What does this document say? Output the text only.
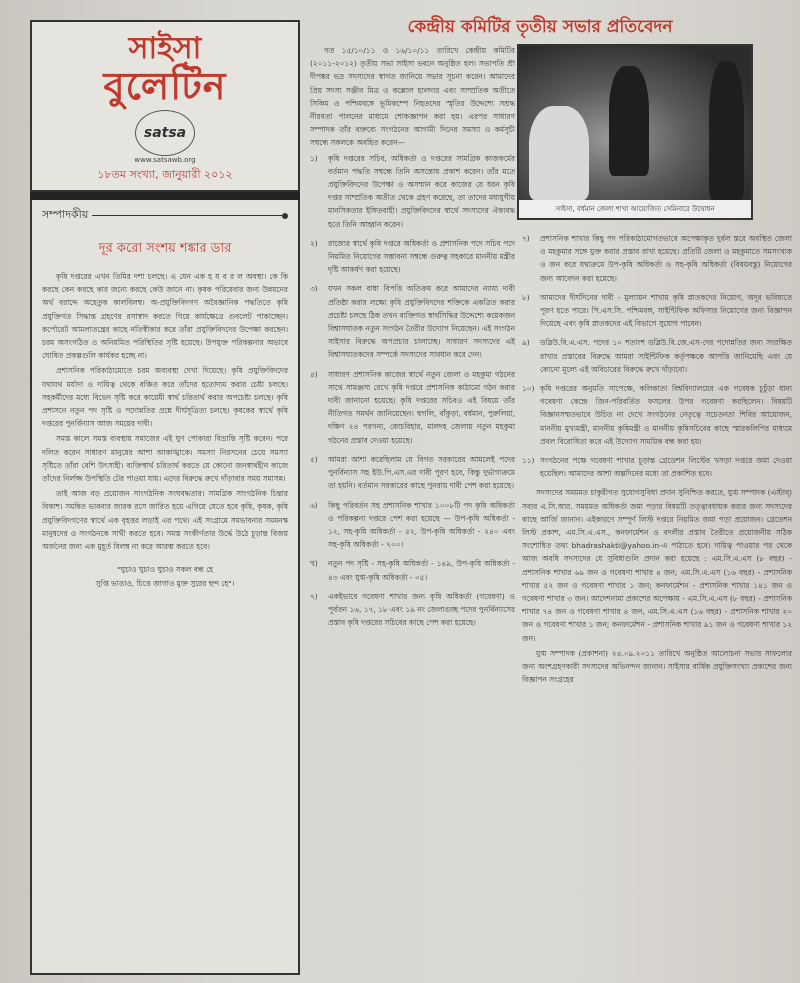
সাইসা
বুলেটিন
satsa
www.satsawb.org
১৮তম সংখ্যা, জানুয়ারী ২০১২
সম্পাদকীয়
দূর করো সংশয় শঙ্কার ডার

কৃষি দপ্তরের এখন তিমির দশা চলছে। এ যেন এক হ য ব র ল অবস্থা। কে কি করছে কেন করছে কার জন্যে করছে কেউ জানে না। কৃষক পরিষেবার জন্য উন্নয়নের অর্থ বরাদ্দে অহেতুক কালবিলম্ব। অ-প্রযুক্তিবিদগণ অবৈজ্ঞানিক পদ্ধতিতে কৃষি প্রযুক্তিগত সিদ্ধান্ত গ্রহণের রসাস্বাদ করতে গিয়ে কার্যক্ষেত্রে গুবলেট পাকাচ্ছেন। কর্পোরেট আমলাতন্ত্রের কাছে নতিস্বীকার করে তাঁরা প্রযুক্তিবিদদের উপেক্ষা করছেন। চরম অসংগঠিত ও অনিয়মিত পরিস্থিতির সৃষ্টি হয়েছে। উপযুক্ত পরিকল্পনার অভাবে ঘোষিত প্রকল্পগুলি কার্যকর হচ্ছে না।

প্রশাসনিক পরিকাঠামোতে চরম অব্যবস্থা দেখা দিয়েছে। কৃষি প্রযুক্তিবিদদের যথাযথ মর্যাদা ও দায়িত্ব থেকে বঞ্চিত করে তাঁদের হতোদ্যম করার চেষ্টা চলছে। সহকর্মীদের মধ্যে বিভেদ সৃষ্টি করে কায়েমী স্বার্থ চরিতার্থ করার অপচেষ্টা চলছে। কৃষি প্রশাসনে নতুন পদ সৃষ্টি ও পদোন্নতির প্রশ্নে দীর্ঘসূত্রিতা চলছে। কৃষকের স্বার্থে কৃষি দপ্তরের পুনর্বিন্যাস আজ সময়ের দাবী।

সমস্ত কালে সমস্ত ব্যবস্থায় সমাজের এই ঘুণ পোকারা বিভ্রান্তি সৃষ্টি করেন। পরে দলিত করেন সাধারণ মানুষের আশা আকাঙ্খাকে। সমস্যা নিরসনের চেয়ে সমস্যা সৃষ্টিতে তাঁরা বেশি উৎসাহী। ব্যক্তিস্বার্থ চরিতার্থ করতে যে কোনো জনস্বার্থহীন কাজে তাঁদের নির্লজ্জ উপস্থিতি টের পাওয়া যায়। এদের বিরুদ্ধে রুখে দাঁড়াবার সময় সমাসন্ন।

তাই আজ বড় প্রয়োজন সাংগঠনিক সংঘবদ্ধতার। সামগ্রিক সাংগঠনিক চিন্তার বিকাশ। সমন্বিত ভাবনার জারক রসে জারিত হয়ে এগিয়ে যেতে হবে কৃষি, কৃষক, কৃষি প্রযুক্তিবিদগণের স্বার্থে এক বৃহত্তর লড়াই এর পথে। এই সংগ্রামে সমভাবনার সমমনস্ক মানুষদের ও সংগঠনকে সাথী করতে হবে। সমস্ত সংকীর্ণতার উর্দ্ধে উঠে চূড়ান্ত বিজয় অর্জনের জন্য এক মুহূর্ত বিলম্ব না করে আরম্ভ করতে হবে।

"ঘুচাও ঘুচাও ঘুচাও সকল বন্ধ হে
সুপ্তি ভাঙাও, চিত্তে জাগাও মুক্ত সুরের ছন্দ হে"।
কেন্দ্রীয় কমিটির তৃতীয় সভার প্রতিবেদন

গত ১৫/১০/১১ ও ১৬/১০/১১ তারিখে কেন্দ্রীয় কমিটির (২০১১-২০১২) তৃতীয় সভা সাইসা ভবনে অনুষ্ঠিত হল। সভাপতি শ্রী দীপঙ্কর ভদ্র সদস্যদের স্বাগত জানিয়ে সভার সূচনা করেন। আমাদের প্রিয় সদস্য সঞ্জীব মিত্র ও কল্লোল হালদার এবং সাম্প্রতিক অতীতে সিকিম ও পশ্চিমবঙ্গে ভূমিকম্পে নিহতদের স্মৃতির উদ্দেশ্যে সশ্রদ্ধ নীরবতা পালনের মাধ্যমে শোকজ্ঞাপন করা হয়। এরপর সাধারণ সম্পাদক তাঁর বক্তব্যে সংগঠনের আগামী দিনের সমস্যা ও কর্মসূচী সম্বন্ধে সকলকে অবহিত করেন—

১)	কৃষি দপ্তরের সচিব, অধিকর্তা ও দপ্তরের সামগ্রিক কাজকর্মের বর্তমান পদ্ধতি সম্বন্ধে তিনি অসন্তোষ প্রকাশ করেন। তাঁর মতে প্রযুক্তিবিদদের উপেক্ষা ও অসম্মান করে কাজের যে ধরন কৃষি দপ্তর সাম্প্রতিক অতীত থেকে গ্রহণ করেছে, তা তাদের মধ্যযুগীয় মানসিকতার ইঙ্গিতবাহী। প্রযুক্তিবিদদের স্বার্থে সদস্যদের ঐক্যবদ্ধ হতে তিনি আহ্বান করেন।
২)	রাজ্যের স্বার্থে কৃষি দপ্তরে অধিকর্তা ও প্রশাসনিক পদে সচিব পদে নিয়মিত নিয়োগের সম্ভাবনা সম্বন্ধে গুরুত্ব সহকারে মাননীয় মন্ত্রীর দৃষ্টি আকর্ষণ করা হয়েছে।
৩)	যখন সকল বাধা বিপত্তি অতিক্রম করে আমাদের ন্যায্য দাবী প্রতিষ্ঠা করার লক্ষ্যে কৃষি প্রযুক্তিবিদদের শক্তিকে একত্রিত করার প্রচেষ্টা চলছে ঠিক তখন ব্যক্তিগত স্বার্থসিদ্ধির উদ্দেশ্যে কয়েকজন বিশ্বাসঘাতক নতুন সংগঠন তৈরীর উদ্যোগ নিয়েছেন। এই সংগঠন সাইসার বিরুদ্ধে অপপ্রচার চালাচ্ছে। সাধারণ সদস্যদের এই বিশ্বাসঘাতকদের সম্পর্কে সদস্যদের সাবধান করে দেন।
৪)	সাধারণ প্রশাসনিক কাজের স্বার্থে নতুন জেলা ও মহকুমা গঠনের সাথে সামঞ্জস্য রেখে কৃষি দপ্তরে প্রশাসনিক কাঠামো গঠন করার দাবী জানানো হয়েছে। কৃষি দপ্তরের সচিবও এই বিষয়ে তাঁর নীতিগত সমর্থন জানিয়েছেন। হুগলি, বাঁকুড়া, বর্ধমান, পুরুলিয়া, দক্ষিণ ২৪ পরগনা, কোচবিহার, মালদহ জেলায় নতুন মহকুমা গঠনের প্রস্তাব দেওয়া হয়েছে।
৫)	আমরা আশা করেছিলাম যে বিগত সরকারের আমলেই পদের পুনর্বিন্যাস সহ ইউ.পি.এস.এর দাবী পূরণ হবে, কিন্তু দুর্ভাগ্যক্রমে তা হয়নি। বর্তমান সরকারের কাছে পুনরায় দাবী পেশ করা হয়েছে।
৬)	কিছু পরিবর্তন সহ প্রশাসনিক শাখার ১০০৮টি পদ কৃষি অধিকর্তা ও পরিকল্পনা দপ্তরে পেশ করা হয়েছে — উপ-কৃষি অধিকর্তা - ১২, সহ-কৃষি অধিকর্তা - ৫২, উপ-কৃষি অধিকর্তা - ২৪০ এবং সহ-কৃষি অধিকর্তা - ৭০০।
খ)	নতুন পদ সৃষ্টি - সহ-কৃষি অধিকর্তা - ১৪৯, উপ-কৃষি অধিকর্তা - ৪৩ এবং যুগ্ম-কৃষি অধিকর্তা - ০৫।
৭)	একইভাবে গবেষণা শাখার জন্য কৃষি অধিকর্তা (গবেষণা) ও পূর্বতন ১৬, ১৭, ১৮ এবং ১৯ নং জেলাগুচ্ছ পদের পুনর্বিন্যাসের প্রস্তাব কৃষি দপ্তরের সচিবের কাছে পেশ করা হয়েছে।
সাইসা, বর্ধমান জেলা শাখা আয়োজিত সেমিনারে উদ্বোধন
৭)	প্রশাসনিক শাখার কিছু পদ পরিকাঠামোগতভাবে অপেক্ষাকৃত দুর্বল স্তরে অবস্থিত জেলা ও মহকুমার সঙ্গে যুক্ত করার প্রস্তাব রাখা হয়েছে। প্রতিটি জেলা ও মহকুমাতে সমসংখ্যক ও জন করে যথাক্রমে উপ-কৃষি অধিকর্তা ও সহ-কৃষি অধিকর্তা (বিষয়বস্তু) নিয়োগের জন্য আবেদন করা হয়েছে।
৮)	আমাদের দীর্ঘদিনের দাবী - মুল্যায়ন শাখায় কৃষি স্নাতকদের নিয়োগ, অদূর ভবিষ্যতে পূরণ হতে পারে। পি.এস.সি. পশ্চিমবঙ্গ, সাইন্টিফিক অফিসার নিয়োগের জন্য বিজ্ঞাপন দিয়েছে এবং কৃষি স্নাতকদের এই বিভাগে সুযোগ পাবেন।
৯)	ডব্লিউ.বি.এ.এস. পদের ১০ শতাংশ ডব্লিউ.বি.জে.এস-দের পদোন্নতির জন্য সংরক্ষিত রাখার প্রস্তাবের বিরুদ্ধে আমরা সাইন্টিফিক কর্তৃপক্ষকে আপত্তি জানিয়েছি এবং যে কোনো মূল্যে এই অবিচারের বিরুদ্ধে রুখে দাঁড়াবো।
১০) কৃষি দপ্তরের অনুমতি সাপেক্ষে, কলিকাতা বিশ্ববিদ্যালয়ের এক গবেষক চুচুঁড়া ধান্য গবেষণা কেন্দ্রে জিন-পরিবর্তিত ফসলের উপর গবেষণা করছিলেন। বিষয়টি বিজ্ঞানসম্মতভাবে উচিত না দেখে সংগঠনের নেতৃত্বে সচেতনতা শিবির আয়োজন, মাননীয় মুখ্যমন্ত্রী, মাননীয় কৃষিমন্ত্রী ও মাননীয় কৃষিসচিবের কাছে স্মারকলিপির মাধ্যমে প্রবল বিরোধিতা করে এই উদ্যোগ সাময়িক বন্ধ করা হয়।
১১) সংগঠনের পক্ষে গবেষণা শাখার চূড়ান্ত গ্রেডেশন লিস্টের খসড়া দপ্তরে জমা দেওয়া হয়েছিল। আমাদের আশা অল্পদিনের মধ্যে তা প্রকাশিত হবে।

সদস্যদের সময়মত চাকুরীগত সুযোগসুবিধা প্রদান সুনিশ্চিত করতে, যুগ্ম সম্পাদক (এস্টাব্) সবার এ.সি.আর. সময়মত অধিকর্তা জমা পড়ার বিষয়টি তত্ত্বাবধায়ক করার জন্য সদস্যদের কাছে আর্জি জানান। এইকারণে সম্পূর্ণ লিস্ট দপ্তরে নিয়মিত জমা পড়া প্রয়োজন। গ্রেডেশন লিস্ট প্রকাশ, এম.সি.এ.এস., কনফার্মেশন ও বদলীর প্রস্তাব তৈরীতে প্রয়োজনীয় সঠিক সংশোধিত তথ্য bhadrashakti@yahoo.in-এ পাঠাতে হবে। দায়িত্ব পাওয়ার পর থেকে আজ অবধি সদস্যদের যে সুবিধাগুলি প্রদান করা হয়েছে : এম.সি.এ.এস (৮ বছর) - প্রশাসনিক শাখার ৬৯ জন ও গবেষণা শাখার ৪ জন; এম.সি.এ.এস (১৬ বছর) - প্রশাসনিক শাখার ৫২ জন ও গবেষণা শাখার ১ জন; কনফার্মেশন - প্রশাসনিক শাখার ১৪১ জন ও গবেষণা শাখার ৩ জন। আদেশনামা প্রকাশের অপেক্ষায় - এম.সি.এ.এস (৮ বছর) - প্রশাসনিক শাখার ৭৪ জন ও গবেষণা শাখার ৪ জন, এম.সি.এ.এস (১৬ বছর) - প্রশাসনিক শাখার ২০ জন ও গবেষণা শাখার ১ জন; কনফার্মেশন - প্রশাসনিক শাখার ৯১ জন ও গবেষণা শাখার ১২ জন।

যুগ্ম সম্পাদক (প্রকাশনা) ২৪.০৯.২০১১ তারিখে অনুষ্ঠিত আলোচনা সভার সাফল্যের জন্য অংশগ্রহণকারী সদস্যদের অভিনন্দন জানান। সাইসার বার্ষিক প্রযুক্তিসংখ্যা প্রকাশের জন্য বিজ্ঞাপন সংগ্রহের
